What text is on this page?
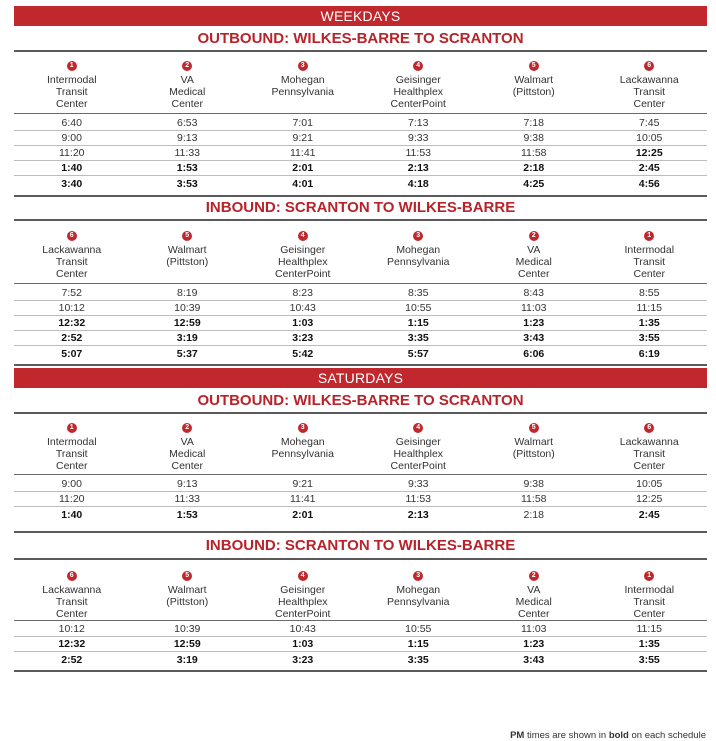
WEEKDAYS
OUTBOUND: WILKES-BARRE TO SCRANTON
1
Intermodal
Transit
Center
2
VA
Medical
Center
3
Mohegan
Pennsylvania
4
Geisinger
Healthplex
CenterPoint
5
Walmart
(Pittston)
6
Lackawanna
Transit
Center
6:40	6:53	7:01	7:13	7:18	7:45
9:00	9:13	9:21	9:33	9:38	10:05
11:20	11:33	11:41	11:53	11:58	12:25
1:40	1:53	2:01	2:13	2:18	2:45
3:40	3:53	4:01	4:18	4:25	4:56
INBOUND: SCRANTON TO WILKES-BARRE
6
Lackawanna
Transit
Center
5
Walmart
(Pittston)
4
Geisinger
Healthplex
CenterPoint
3
Mohegan
Pennsylvania
2
VA
Medical
Center
1
Intermodal
Transit
Center
7:52	8:19	8:23	8:35	8:43	8:55
10:12	10:39	10:43	10:55	11:03	11:15
12:32	12:59	1:03	1:15	1:23	1:35
2:52	3:19	3:23	3:35	3:43	3:55
5:07	5:37	5:42	5:57	6:06	6:19
SATURDAYS
OUTBOUND: WILKES-BARRE TO SCRANTON
1
Intermodal
Transit
Center
2
VA
Medical
Center
3
Mohegan
Pennsylvania
4
Geisinger
Healthplex
CenterPoint
5
Walmart
(Pittston)
6
Lackawanna
Transit
Center
9:00	9:13	9:21	9:33	9:38	10:05
11:20	11:33	11:41	11:53	11:58	12:25
1:40	1:53	2:01	2:13	2:18	2:45
INBOUND: SCRANTON TO WILKES-BARRE
6
Lackawanna
Transit
Center
5
Walmart
(Pittston)
4
Geisinger
Healthplex
CenterPoint
3
Mohegan
Pennsylvania
2
VA
Medical
Center
1
Intermodal
Transit
Center
10:12	10:39	10:43	10:55	11:03	11:15
12:32	12:59	1:03	1:15	1:23	1:35
2:52	3:19	3:23	3:35	3:43	3:55
PM times are shown in bold on each schedule
